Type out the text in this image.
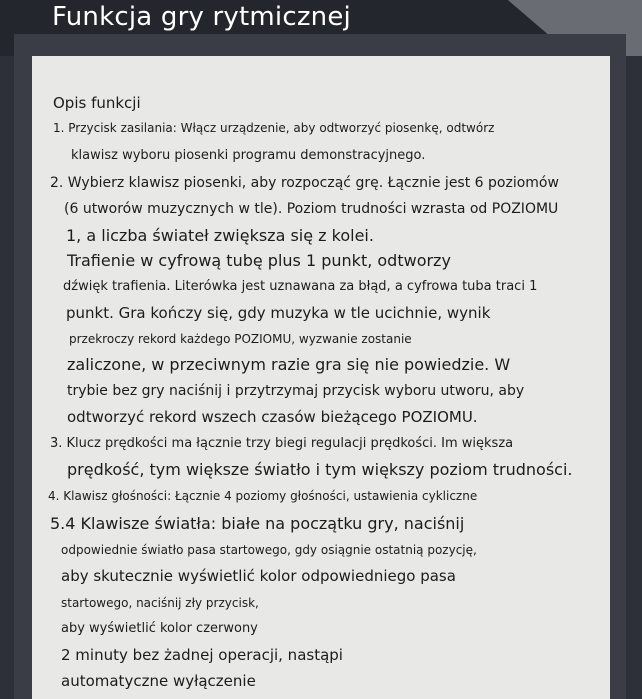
Funkcja gry rytmicznej

Opis funkcji

1. Przycisk zasilania: Włącz urządzenie, aby odtworzyć piosenkę, odtwórz

klawisz wyboru piosenki programu demonstracyjnego.

2. Wybierz klawisz piosenki, aby rozpocząć grę. Łącznie jest 6 poziomów

(6 utworów muzycznych w tle). Poziom trudności wzrasta od POZIOMU

1, a liczba świateł zwiększa się z kolei.

Trafienie w cyfrową tubę plus 1 punkt, odtworzy

dźwięk trafienia. Literówka jest uznawana za błąd, a cyfrowa tuba traci 1

punkt. Gra kończy się, gdy muzyka w tle ucichnie, wynik

przekroczy rekord każdego POZIOMU, wyzwanie zostanie

zaliczone, w przeciwnym razie gra się nie powiedzie. W

trybie bez gry naciśnij i przytrzymaj przycisk wyboru utworu, aby

odtworzyć rekord wszech czasów bieżącego POZIOMU.

3. Klucz prędkości ma łącznie trzy biegi regulacji prędkości. Im większa

prędkość, tym większe światło i tym większy poziom trudności.

4. Klawisz głośności: Łącznie 4 poziomy głośności, ustawienia cykliczne

5.4 Klawisze światła: białe na początku gry, naciśnij

odpowiednie światło pasa startowego, gdy osiągnie ostatnią pozycję,

aby skutecznie wyświetlić kolor odpowiedniego pasa

startowego, naciśnij zły przycisk,

aby wyświetlić kolor czerwony

2 minuty bez żadnej operacji, nastąpi

automatyczne wyłączenie
